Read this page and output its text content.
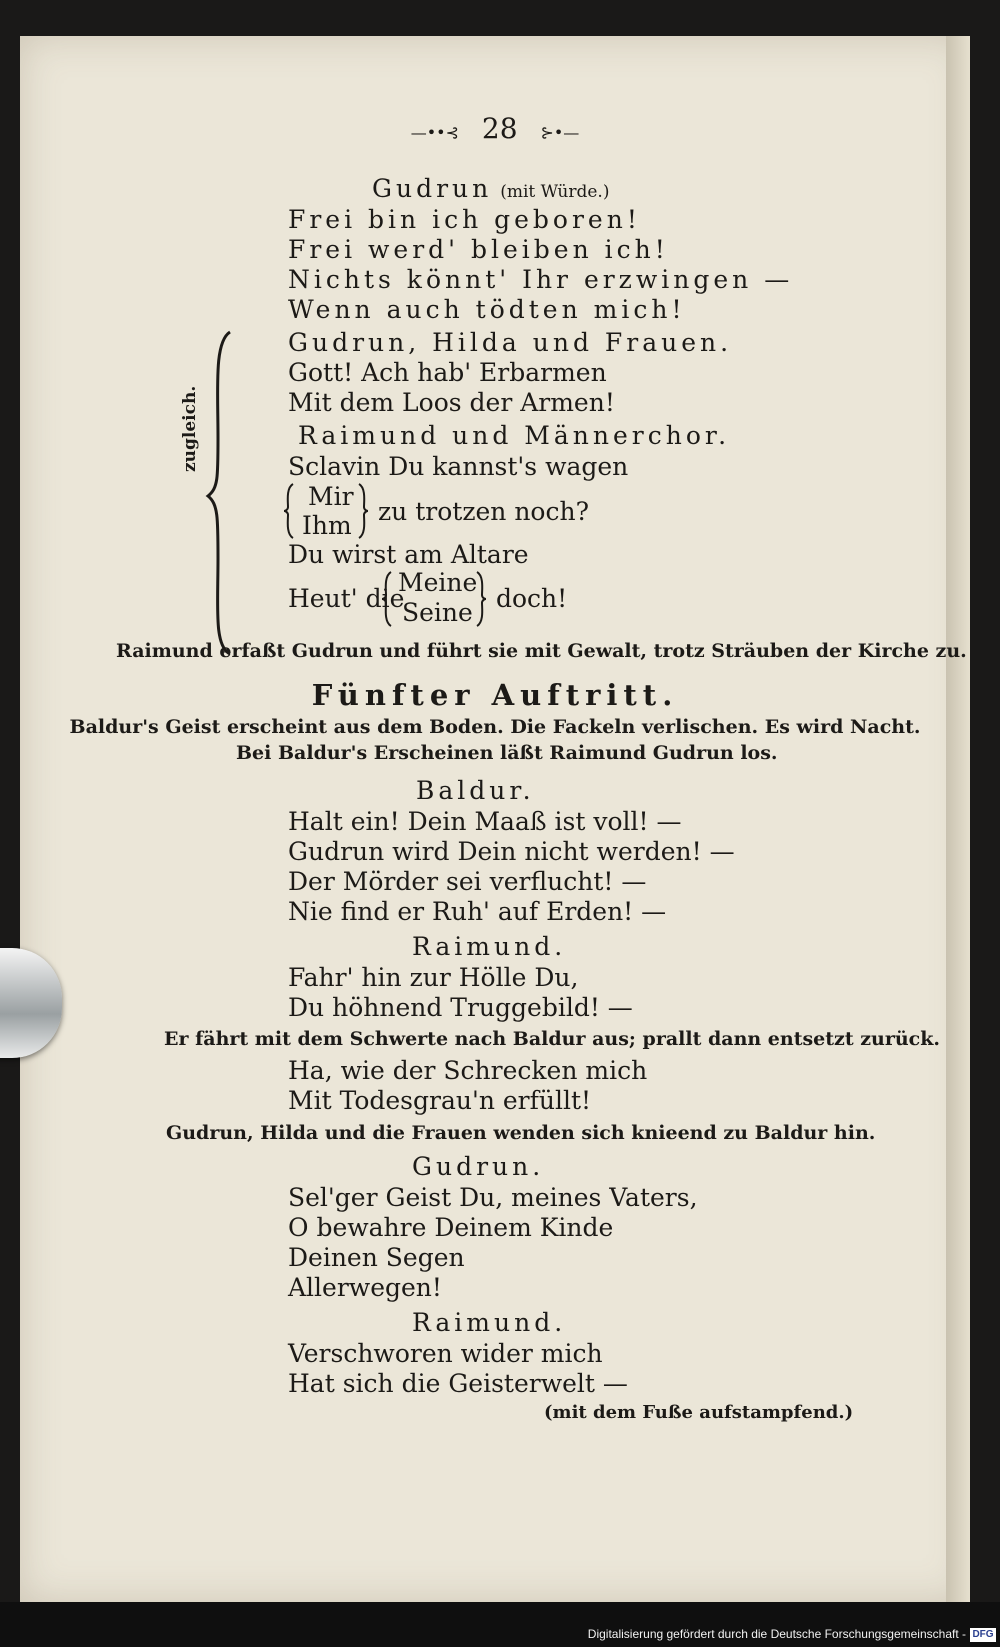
—••⊰ 28 ⊱•—
Gudrun (mit Würde.)
Frei bin ich geboren!
Frei werd' bleiben ich!
Nichts könnt' Ihr erzwingen —
Wenn auch tödten mich!
zugleich.
Gudrun, Hilda und Frauen.
Gott! Ach hab' Erbarmen
Mit dem Loos der Armen!
Raimund und Männerchor.
Sclavin Du kannst's wagen
Mir
Ihm zu trotzen noch?
Du wirst am Altare
Heut' die
Meine
Seine doch!
Raimund erfaßt Gudrun und führt sie mit Gewalt, trotz Sträuben der Kirche zu.
Fünfter Auftritt.
Baldur's Geist erscheint aus dem Boden. Die Fackeln verlischen. Es wird Nacht.
Bei Baldur's Erscheinen läßt Raimund Gudrun los.
Baldur.
Halt ein! Dein Maaß ist voll! —
Gudrun wird Dein nicht werden! —
Der Mörder sei verflucht! —
Nie find er Ruh' auf Erden! —
Raimund.
Fahr' hin zur Hölle Du,
Du höhnend Truggebild! —
Er fährt mit dem Schwerte nach Baldur aus; prallt dann entsetzt zurück.
Ha, wie der Schrecken mich
Mit Todesgrau'n erfüllt!
Gudrun, Hilda und die Frauen wenden sich knieend zu Baldur hin.
Gudrun.
Sel'ger Geist Du, meines Vaters,
O bewahre Deinem Kinde
Deinen Segen
Allerwegen!
Raimund.
Verschworen wider mich
Hat sich die Geisterwelt —
(mit dem Fuße aufstampfend.)
Digitalisierung gefördert durch die Deutsche Forschungsgemeinschaft - DFG
